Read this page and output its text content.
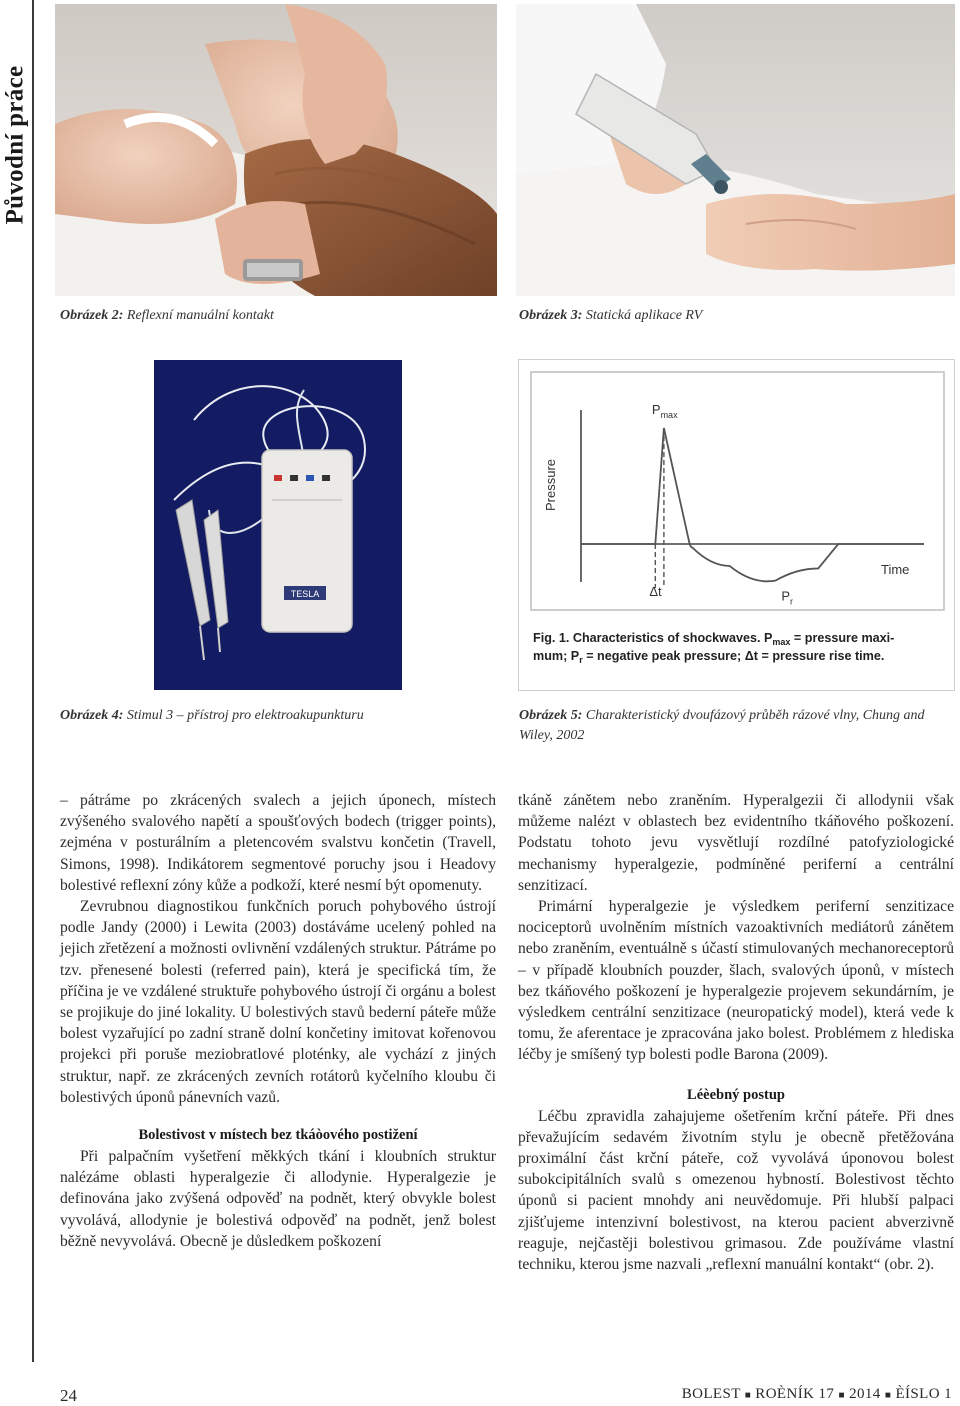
Původní práce
Obrázek 2: Reflexní manuální kontakt	Obrázek 3: Statická aplikace RV
TESLA
Obrázek 4: Stimul 3 – přístroj pro elektroakupunkturu
Pressure
Time
$P_{max}$
$P_r$
Δt
Fig. 1. Characteristics of shockwaves. $P_{max}$ = pressure maxi-
mum; $P_r$ = negative peak pressure; Δt = pressure rise time.
Obrázek 5: Charakteristický dvoufázový průběh rázové vlny, Chung and Wiley, 2002

– pátráme po zkrácených svalech a jejich úponech, místech zvýšeného svalového napětí a spoušťových bodech (trigger points), zejména v posturálním a pletencovém svalstvu končetin (Travell, Simons, 1998). Indikátorem segmentové poruchy jsou i Headovy bolestivé reflexní zóny kůže a podkoží, které nesmí být opomenuty.

Zevrubnou diagnostikou funkčních poruch pohybového ústrojí podle Jandy (2000) i Lewita (2003) dostáváme ucelený pohled na jejich zřetězení a možnosti ovlivnění vzdálených struktur. Pátráme po tzv. přenesené bolesti (referred pain), která je specifická tím, že příčina je ve vzdálené struktuře pohybového ústrojí či orgánu a bolest se projikuje do jiné lokality. U bolestivých stavů bederní páteře může bolest vyzařující po zadní straně dolní končetiny imitovat kořenovou projekci při poruše meziobratlové ploténky, ale vychází z jiných struktur, např. ze zkrácených zevních rotátorů kyčelního kloubu či bolestivých úponů pánevních vazů.

Bolestivost v místech bez tkáòového postižení

Při palpačním vyšetření měkkých tkání i kloubních struktur nalézáme oblasti hyperalgezie či allodynie. Hyperalgezie je definována jako zvýšená odpověď na podnět, který obvykle bolest vyvolává, allodynie je bolestivá odpověď na podnět, jenž bolest běžně nevyvolává. Obecně je důsledkem poškození

tkáně zánětem nebo zraněním. Hyperalgezii či allodynii však můžeme nalézt v oblastech bez evidentního tkáňového poškození. Podstatu tohoto jevu vysvětlují rozdílné patofyziologické mechanismy hyperalgezie, podmíněné periferní a centrální senzitizací.

Primární hyperalgezie je výsledkem periferní senzitizace nociceptorů uvolněním místních vazoaktivních mediátorů zánětem nebo zraněním, eventuálně s účastí stimulovaných mechanoreceptorů – v případě kloubních pouzder, šlach, svalových úponů, v místech bez tkáňového poškození je hyperalgezie projevem sekundárním, je výsledkem centrální senzitizace (neuropatický model), která vede k tomu, že aferentace je zpracována jako bolest. Problémem z hlediska léčby je smíšený typ bolesti podle Barona (2009).

Léèebný postup

Léčbu zpravidla zahajujeme ošetřením krční páteře. Při dnes převažujícím sedavém životním stylu je obecně přetěžována proximální část krční páteře, což vyvolává úponovou bolest subokcipitálních svalů s omezenou hybností. Bolestivost těchto úponů si pacient mnohdy ani neuvědomuje. Při hlubší palpaci zjišťujeme intenzivní bolestivost, na kterou pacient abverzivně reaguje, nejčastěji bolestivou grimasou. Zde používáme vlastní techniku, kterou jsme nazvali „reflexní manuální kontakt“ (obr. 2).

24	BOLEST ■ ROÈNÍK 17 ■ 2014 ■ ÈÍSLO 1
